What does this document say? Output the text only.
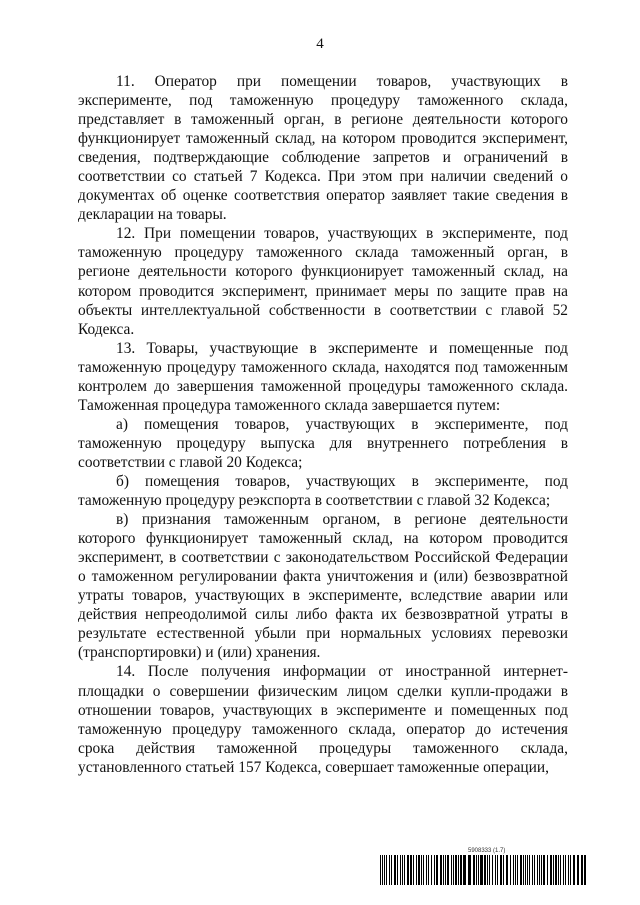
4

11. Оператор при помещении товаров, участвующих в эксперименте, под таможенную процедуру таможенного склада, представляет в таможенный орган, в регионе деятельности которого функционирует таможенный склад, на котором проводится эксперимент, сведения, подтверждающие соблюдение запретов и ограничений в соответствии со статьей 7 Кодекса. При этом при наличии сведений о документах об оценке соответствия оператор заявляет такие сведения в декларации на товары.

12. При помещении товаров, участвующих в эксперименте, под таможенную процедуру таможенного склада таможенный орган, в регионе деятельности которого функционирует таможенный склад, на котором проводится эксперимент, принимает меры по защите прав на объекты интеллектуальной собственности в соответствии с главой 52 Кодекса.

13. Товары, участвующие в эксперименте и помещенные под таможенную процедуру таможенного склада, находятся под таможенным контролем до завершения таможенной процедуры таможенного склада. Таможенная процедура таможенного склада завершается путем:

а) помещения товаров, участвующих в эксперименте, под таможенную процедуру выпуска для внутреннего потребления в соответствии с главой 20 Кодекса;

б) помещения товаров, участвующих в эксперименте, под таможенную процедуру реэкспорта в соответствии с главой 32 Кодекса;

в) признания таможенным органом, в регионе деятельности которого функционирует таможенный склад, на котором проводится эксперимент, в соответствии с законодательством Российской Федерации о таможенном регулировании факта уничтожения и (или) безвозвратной утраты товаров, участвующих в эксперименте, вследствие аварии или действия непреодолимой силы либо факта их безвозвратной утраты в результате естественной убыли при нормальных условиях перевозки (транспортировки) и (или) хранения.

14. После получения информации от иностранной интернет-площадки о совершении физическим лицом сделки купли-продажи в отношении товаров, участвующих в эксперименте и помещенных под таможенную процедуру таможенного склада, оператор до истечения срока действия таможенной процедуры таможенного склада, установленного статьей 157 Кодекса, совершает таможенные операции,

5908333 (1.7)
